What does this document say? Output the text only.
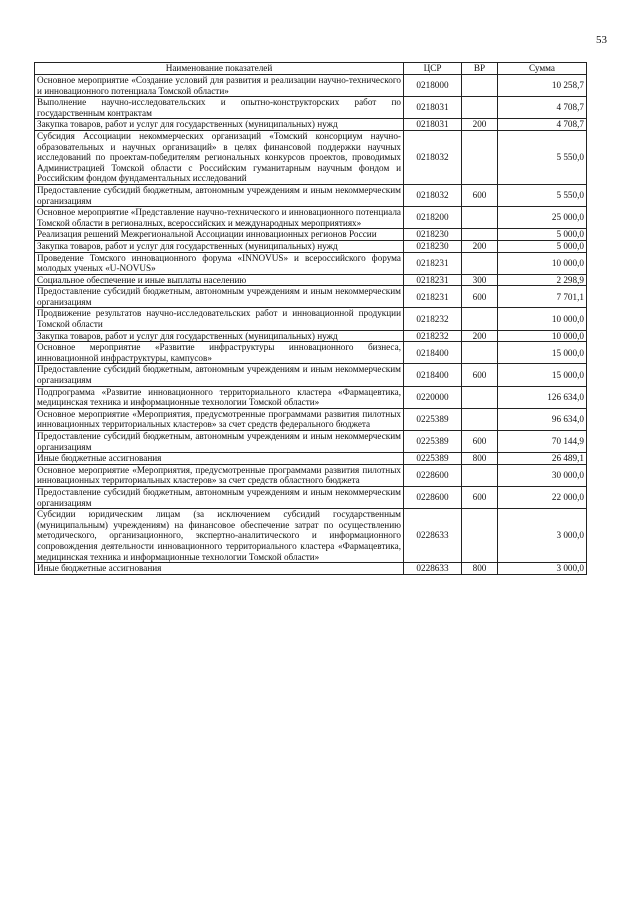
53
Наименование показателей	ЦСР	ВР	Сумма
Основное мероприятие «Создание условий для развития и реализации научно-технического и инновационного потенциала Томской области»	0218000		10 258,7
Выполнение научно-исследовательских и опытно-конструкторских работ по государственным контрактам	0218031		4 708,7
Закупка товаров, работ и услуг для государственных (муниципальных) нужд	0218031	200	4 708,7
Субсидия Ассоциации некоммерческих организаций «Томский консорциум научно-образовательных и научных организаций» в целях финансовой поддержки научных исследований по проектам-победителям региональных конкурсов проектов, проводимых Администрацией Томской области с Российским гуманитарным научным фондом и Российским фондом фундаментальных исследований	0218032		5 550,0
Предоставление субсидий бюджетным, автономным учреждениям и иным некоммерческим организациям	0218032	600	5 550,0
Основное мероприятие «Представление научно-технического и инновационного потенциала Томской области в регионалных, всероссийских и международных мероприятиях»	0218200		25 000,0
Реализация решений Межрегиональной Ассоциации инновационных регионов России	0218230		5 000,0
Закупка товаров, работ и услуг для государственных (муниципальных) нужд	0218230	200	5 000,0
Проведение Томского инновационного форума «INNOVUS» и всероссийского форума молодых ученых «U-NOVUS»	0218231		10 000,0
Социальное обеспечение и иные выплаты населению	0218231	300	2 298,9
Предоставление субсидий бюджетным, автономным учреждениям и иным некоммерческим организациям	0218231	600	7 701,1
Продвижение результатов научно-исследовательских работ и инновационной продукции Томской области	0218232		10 000,0
Закупка товаров, работ и услуг для государственных (муниципальных) нужд	0218232	200	10 000,0
Основное мероприятие «Развитие инфраструктуры инновационного бизнеса, инновационной инфраструктуры, кампусов»	0218400		15 000,0
Предоставление субсидий бюджетным, автономным учреждениям и иным некоммерческим организациям	0218400	600	15 000,0
Подпрограмма «Развитие инновационного территориального кластера «Фармацевтика, медицинская техника и информационные технологии Томской области»	0220000		126 634,0
Основное мероприятие «Мероприятия, предусмотренные программами развития пилотных инновационных территориальных кластеров» за счет средств федерального бюджета	0225389		96 634,0
Предоставление субсидий бюджетным, автономным учреждениям и иным некоммерческим организациям	0225389	600	70 144,9
Иные бюджетные ассигнования	0225389	800	26 489,1
Основное мероприятие «Мероприятия, предусмотренные программами развития пилотных инновационных территориальных кластеров» за счет средств областного бюджета	0228600		30 000,0
Предоставление субсидий бюджетным, автономным учреждениям и иным некоммерческим организациям	0228600	600	22 000,0
Субсидии юридическим лицам (за исключением субсидий государственным (муниципальным) учреждениям) на финансовое обеспечение затрат по осуществлению методического, организационного, экспертно-аналитического и информационного сопровождения деятельности инновационного территориального кластера «Фармацевтика, медицинская техника и информационные технологии Томской области»	0228633		3 000,0
Иные бюджетные ассигнования	0228633	800	3 000,0
